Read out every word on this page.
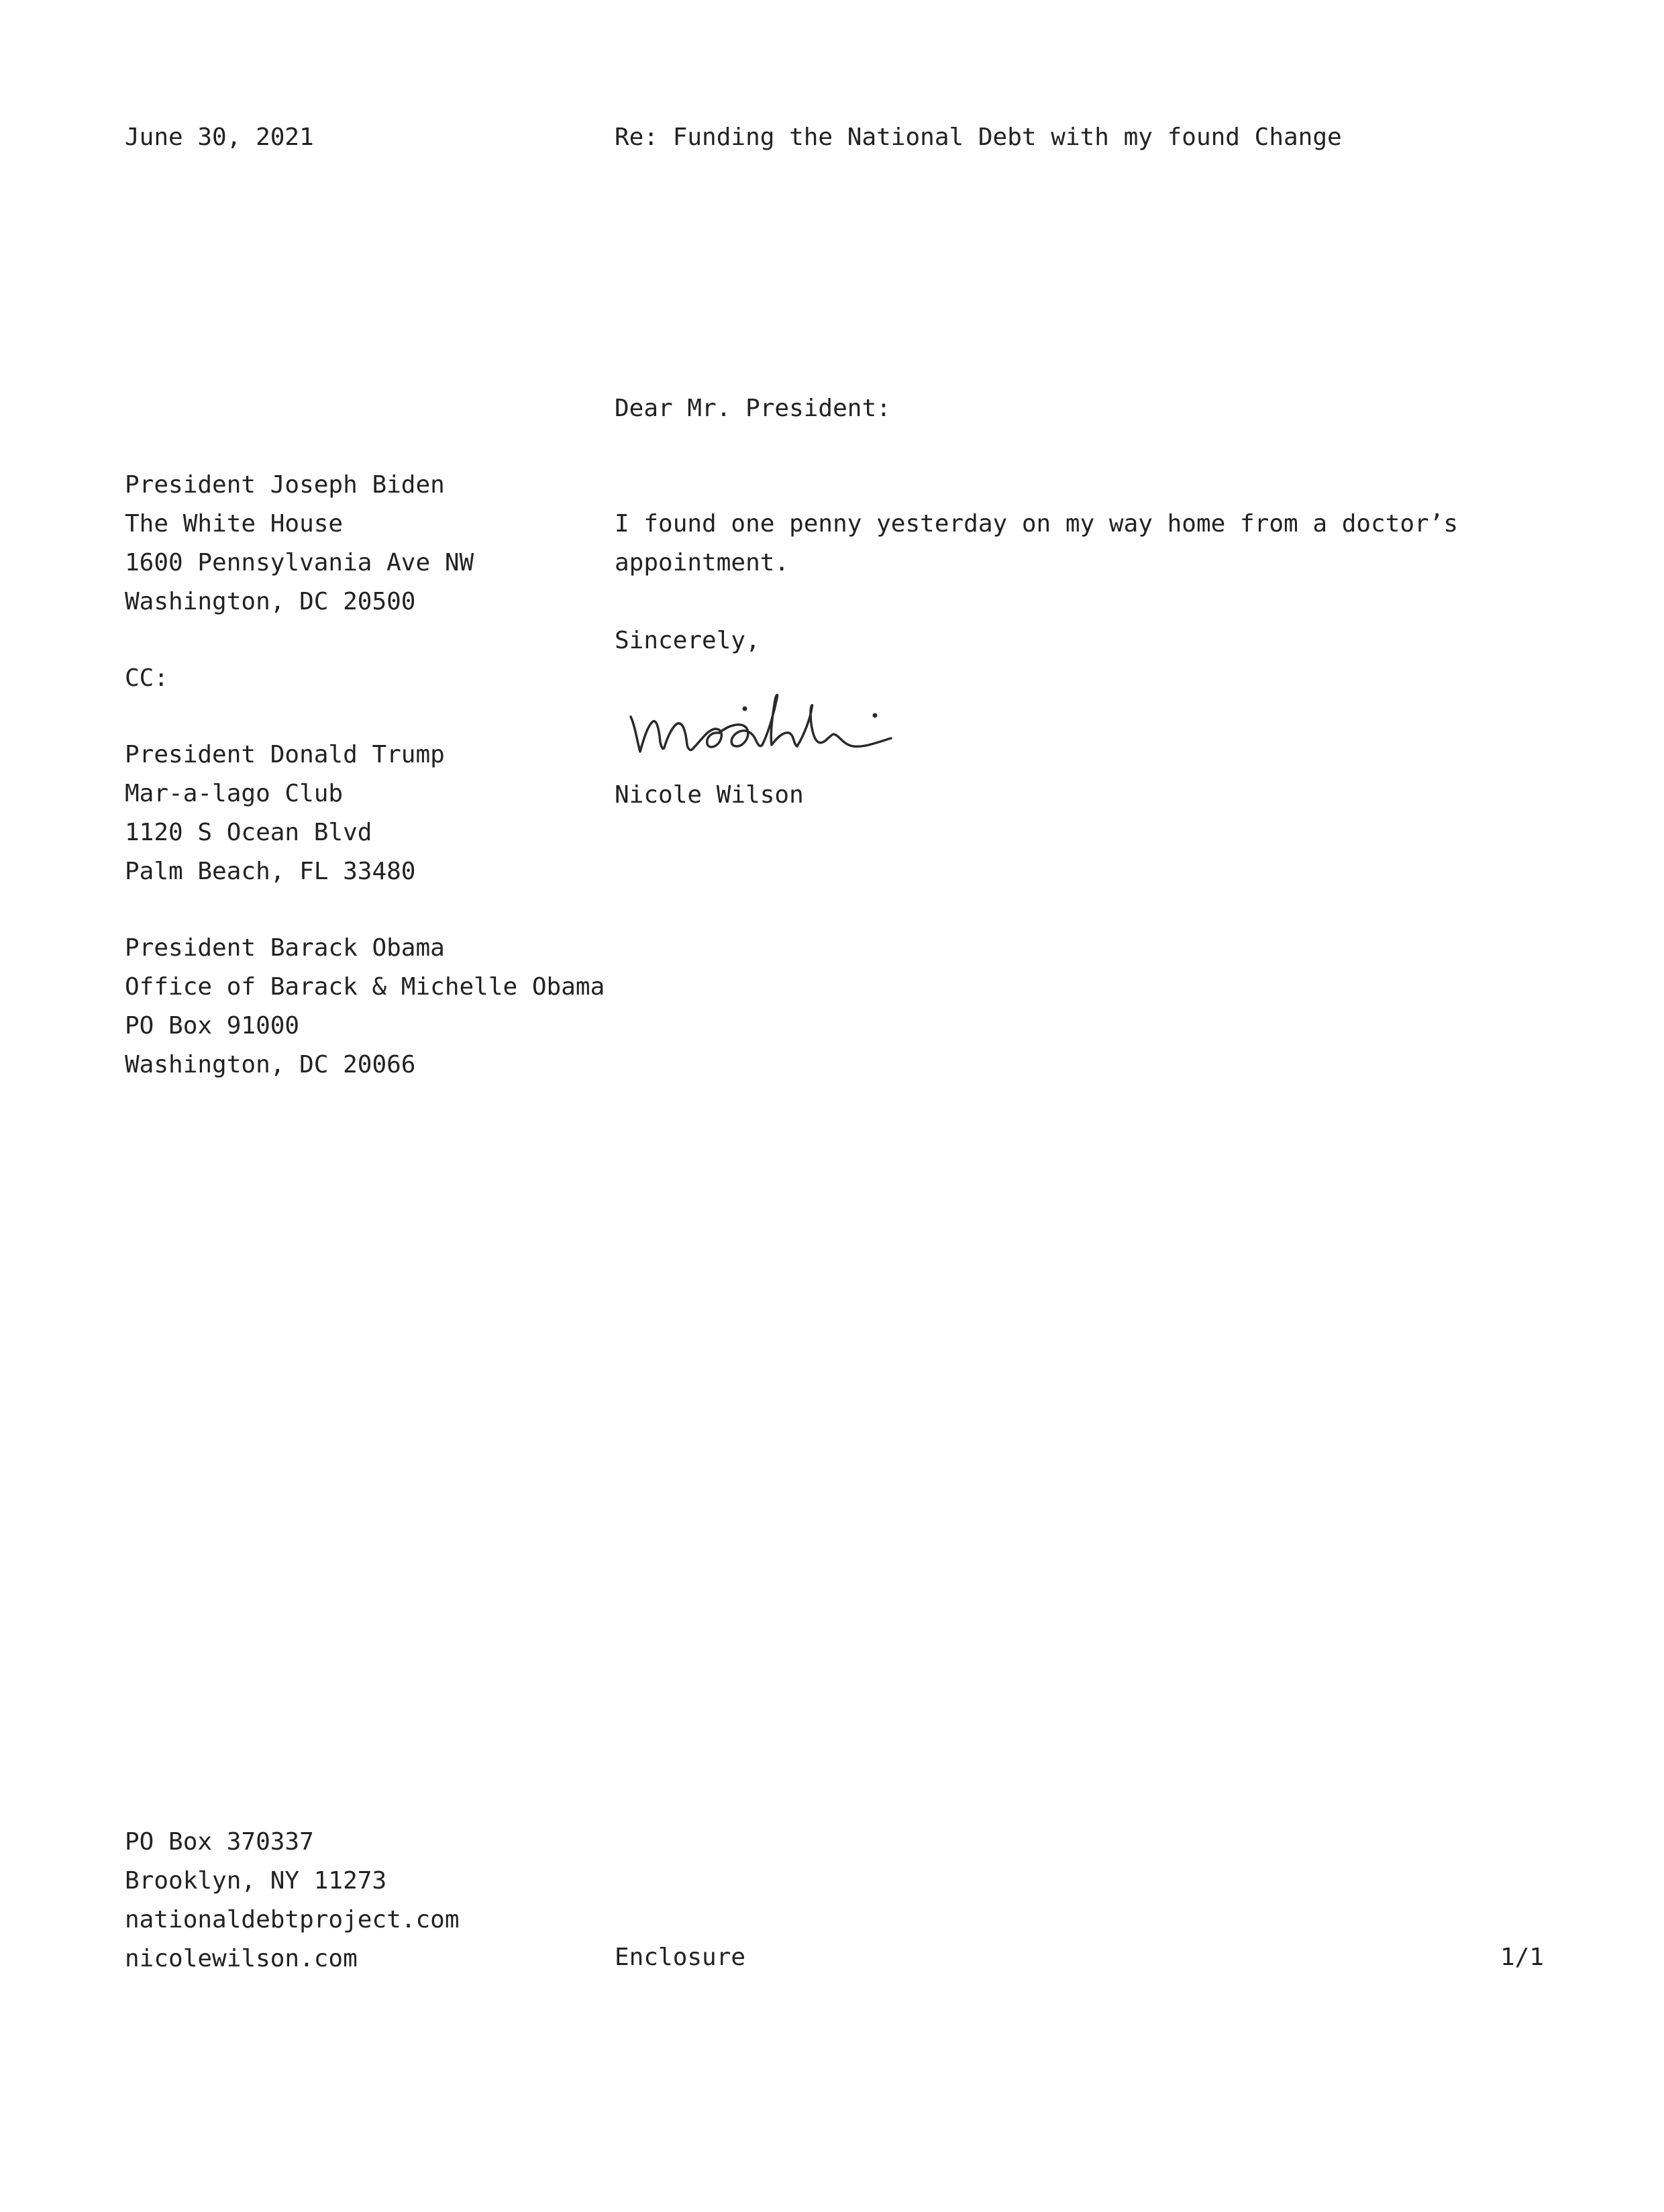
June 30, 2021	Re: Funding the National Debt with my found Change
Dear Mr. President:
President Joseph Biden
The White House
1600 Pennsylvania Ave NW
Washington, DC 20500
I found one penny yesterday on my way home from a doctor’s
appointment.
Sincerely,
Nicole Wilson
CC:
President Donald Trump
Mar-a-lago Club
1120 S Ocean Blvd
Palm Beach, FL 33480
President Barack Obama
Office of Barack & Michelle Obama
PO Box 91000
Washington, DC 20066
PO Box 370337
Brooklyn, NY 11273
nationaldebtproject.com
nicolewilson.com	Enclosure	1/1
